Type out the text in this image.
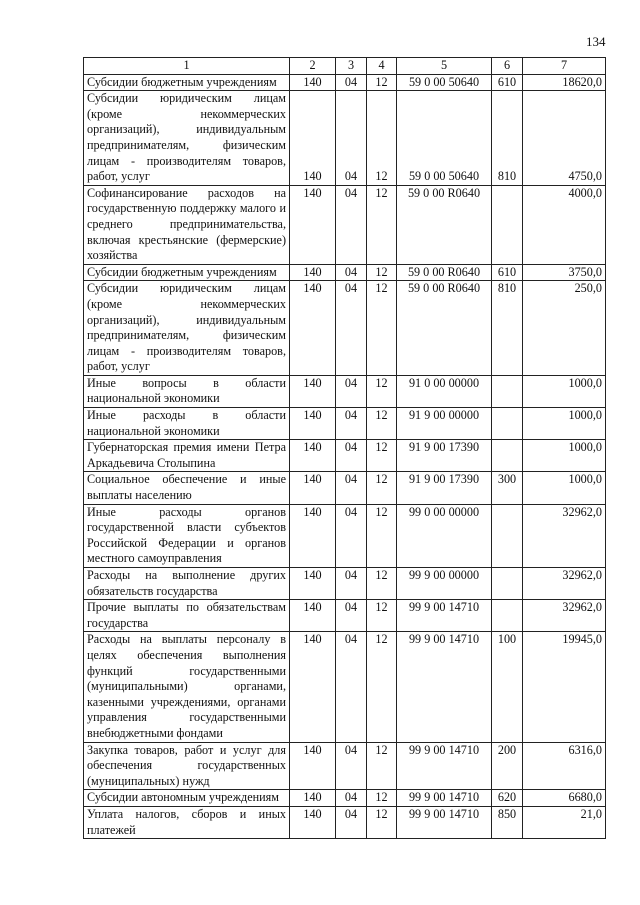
134
1	2	3	4	5	6	7
Субсидии бюджетным учреждениям	140	04	12	59 0 00 50640	610	18620,0
Субсидии юридическим лицам (кроме некоммерческих организаций), индивидуальным предпринимателям, физическим лицам - производителям товаров, работ, услуг	140	04	12	59 0 00 50640	810	4750,0
Софинансирование расходов на государственную поддержку малого и среднего предпринимательства, включая крестьянские (фермерские) хозяйства	140	04	12	59 0 00 R0640		4000,0
Субсидии бюджетным учреждениям	140	04	12	59 0 00 R0640	610	3750,0
Субсидии юридическим лицам (кроме некоммерческих организаций), индивидуальным предпринимателям, физическим лицам - производителям товаров, работ, услуг	140	04	12	59 0 00 R0640	810	250,0
Иные вопросы в области национальной экономики	140	04	12	91 0 00 00000		1000,0
Иные расходы в области национальной экономики	140	04	12	91 9 00 00000		1000,0
Губернаторская премия имени Петра Аркадьевича Столыпина	140	04	12	91 9 00 17390		1000,0
Социальное обеспечение и иные выплаты населению	140	04	12	91 9 00 17390	300	1000,0
Иные расходы органов государственной власти субъектов Российской Федерации и органов местного самоуправления	140	04	12	99 0 00 00000		32962,0
Расходы на выполнение других обязательств государства	140	04	12	99 9 00 00000		32962,0
Прочие выплаты по обязательствам государства	140	04	12	99 9 00 14710		32962,0
Расходы на выплаты персоналу в целях обеспечения выполнения функций государственными (муниципальными) органами, казенными учреждениями, органами управления государственными внебюджетными фондами	140	04	12	99 9 00 14710	100	19945,0
Закупка товаров, работ и услуг для обеспечения государственных (муниципальных) нужд	140	04	12	99 9 00 14710	200	6316,0
Субсидии автономным учреждениям	140	04	12	99 9 00 14710	620	6680,0
Уплата налогов, сборов и иных платежей	140	04	12	99 9 00 14710	850	21,0
